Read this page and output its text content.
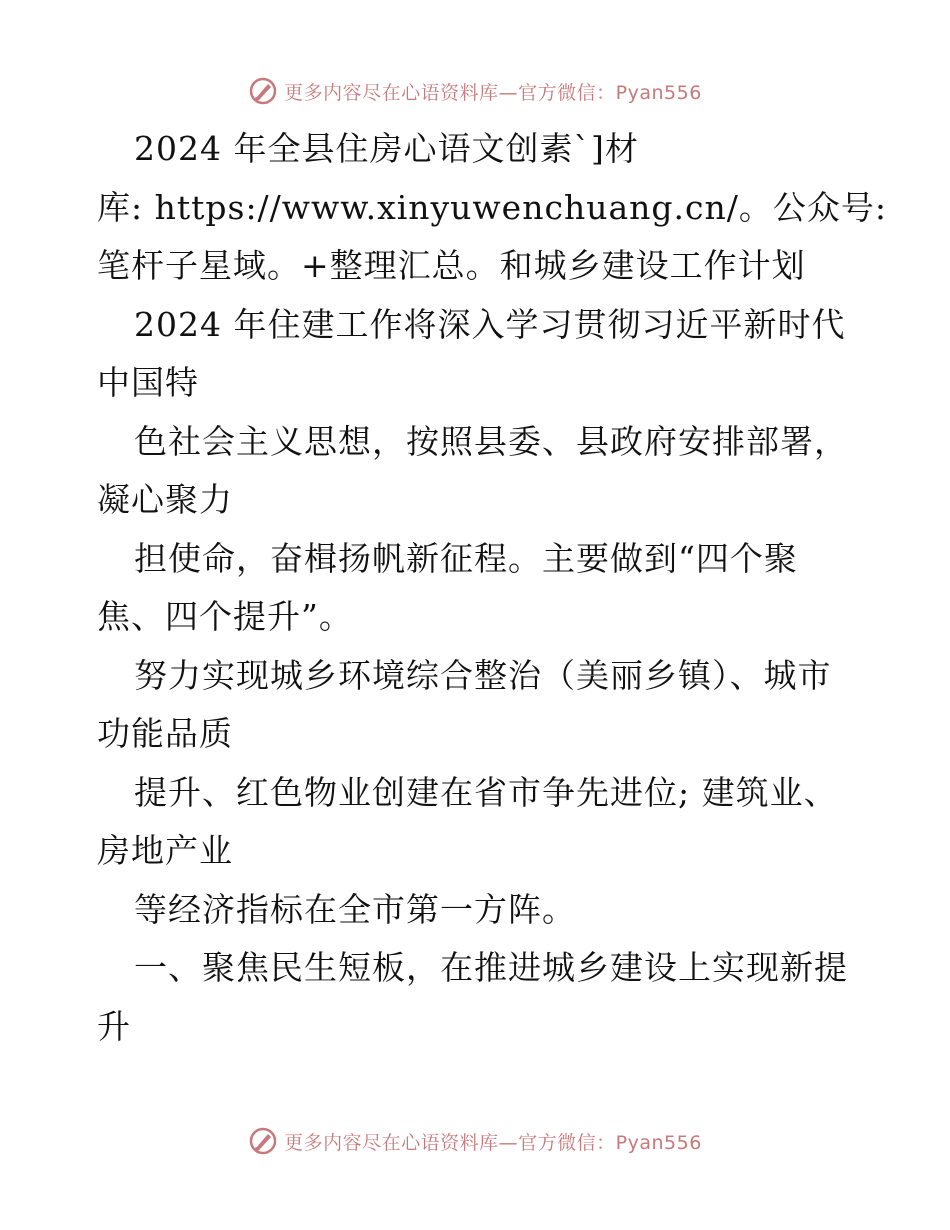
更多内容尽在心语资料库—官方微信：Pyan556
2024 年全县住房心语文创素`]材
库: https://www.xinyuwenchuang.cn/。公众号:
笔杆子星域。+整理汇总。和城乡建设工作计划
2024 年住建工作将深入学习贯彻习近平新时代
中国特
色社会主义思想，按照县委、县政府安排部署，
凝心聚力
担使命，奋楫扬帆新征程。主要做到“四个聚
焦、四个提升”。
努力实现城乡环境综合整治（美丽乡镇）、城市
功能品质
提升、红色物业创建在省市争先进位; 建筑业、
房地产业
等经济指标在全市第一方阵。
一、聚焦民生短板，在推进城乡建设上实现新提
升
更多内容尽在心语资料库—官方微信：Pyan556
